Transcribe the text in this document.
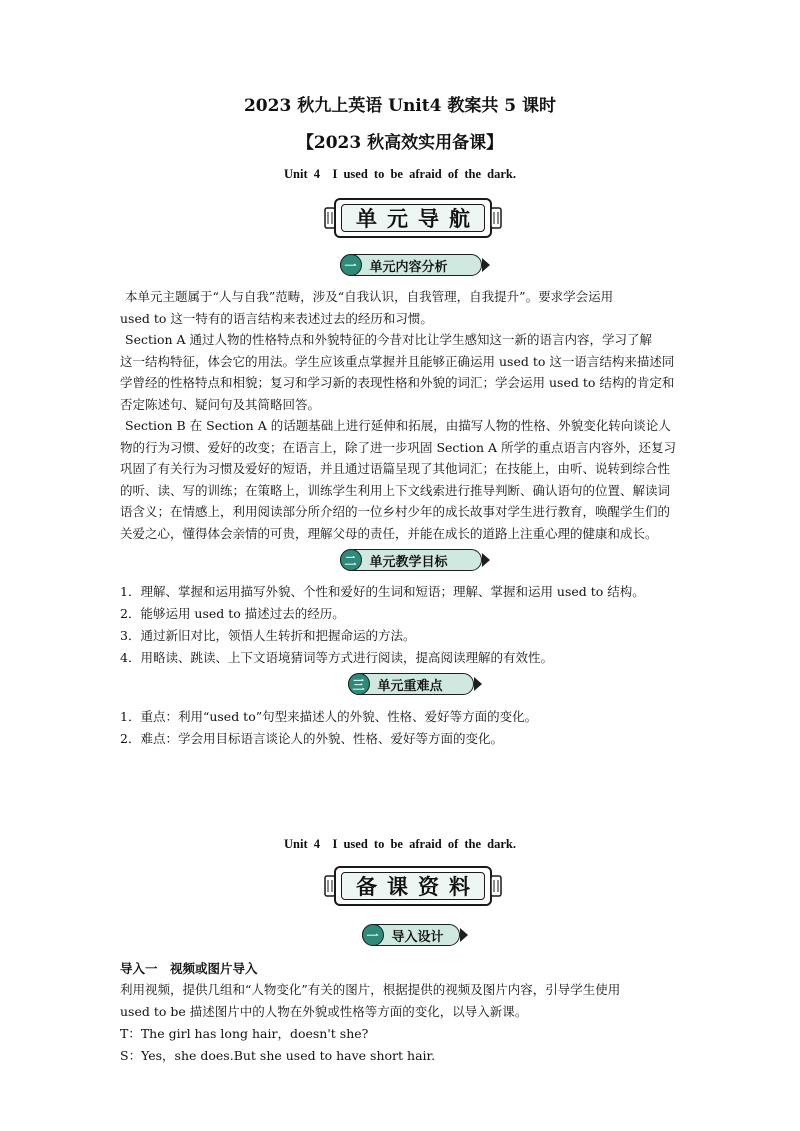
2023 秋九上英语 Unit4 教案共 5 课时
【2023 秋高效实用备课】
Unit 4　I used to be afraid of the dark.
单元导航
一	单元内容分析
　　本单元主题属于“人与自我”范畴，涉及“自我认识，自我管理，自我提升”。要求学会运用
used to 这一特有的语言结构来表述过去的经历和习惯。
　　Section A 通过人物的性格特点和外貌特征的今昔对比让学生感知这一新的语言内容，学习了解
这一结构特征，体会它的用法。学生应该重点掌握并且能够正确运用 used to 这一语言结构来描述同
学曾经的性格特点和相貌；复习和学习新的表现性格和外貌的词汇；学会运用 used to 结构的肯定和
否定陈述句、疑问句及其简略回答。
　　Section B 在 Section A 的话题基础上进行延伸和拓展，由描写人物的性格、外貌变化转向谈论人
物的行为习惯、爱好的改变；在语言上，除了进一步巩固 Section A 所学的重点语言内容外，还复习
巩固了有关行为习惯及爱好的短语，并且通过语篇呈现了其他词汇；在技能上，由听、说转到综合性
的听、读、写的训练；在策略上，训练学生利用上下文线索进行推导判断、确认语句的位置、解读词
语含义；在情感上，利用阅读部分所介绍的一位乡村少年的成长故事对学生进行教育，唤醒学生们的
关爱之心，懂得体会亲情的可贵，理解父母的责任，并能在成长的道路上注重心理的健康和成长。
二	单元教学目标
1．理解、掌握和运用描写外貌、个性和爱好的生词和短语；理解、掌握和运用 used to 结构。
2．能够运用 used to 描述过去的经历。
3．通过新旧对比，领悟人生转折和把握命运的方法。
4．用略读、跳读、上下文语境猜词等方式进行阅读，提高阅读理解的有效性。
三	单元重难点
1．重点：利用“used to”句型来描述人的外貌、性格、爱好等方面的变化。
2．难点：学会用目标语言谈论人的外貌、性格、爱好等方面的变化。
Unit 4　I used to be afraid of the dark.
备课资料
一	导入设计
导入一　视频或图片导入
利用视频，提供几组和“人物变化”有关的图片，根据提供的视频及图片内容，引导学生使用
used to be 描述图片中的人物在外貌或性格等方面的变化，以导入新课。
T：The girl has long hair，doesn't she?
S：Yes，she does.But she used to have short hair.
